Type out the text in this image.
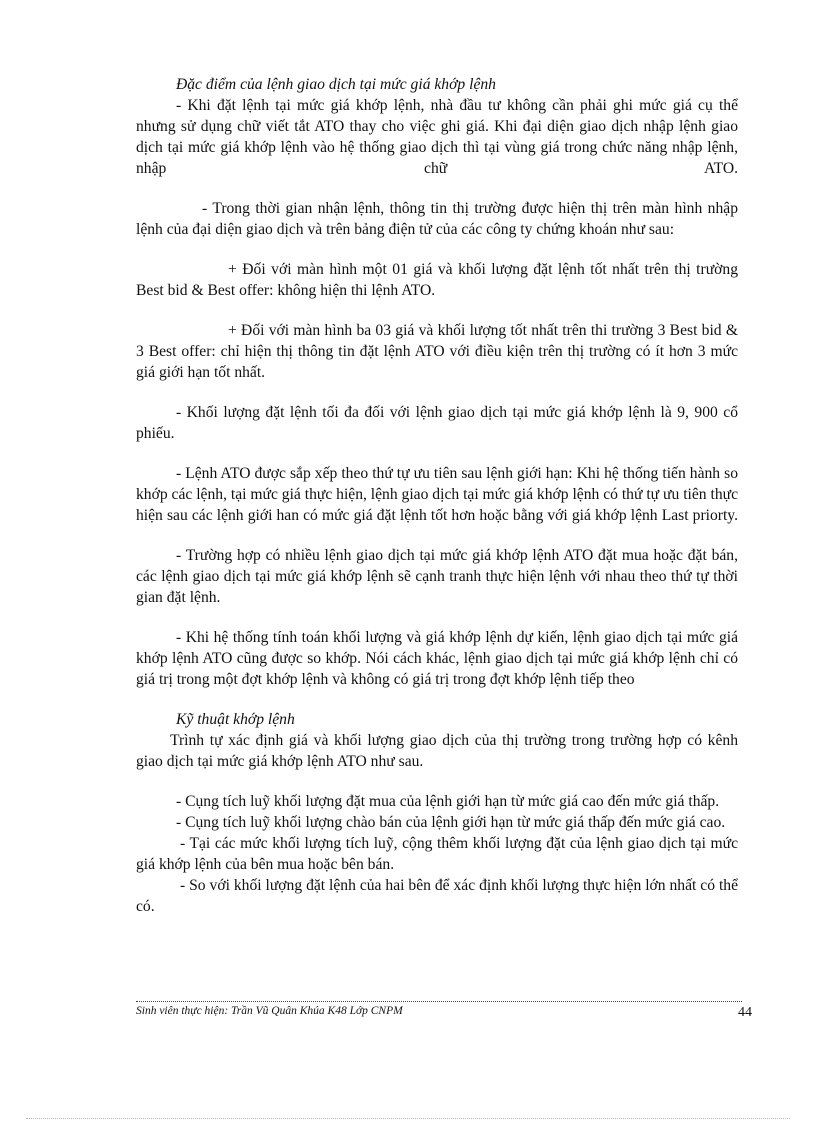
Đặc điểm của lệnh giao dịch tại mức giá khớp lệnh

- Khi đặt lệnh tại mức giá khớp lệnh, nhà đầu tư không cần phải ghi mức giá cụ thể nhưng sử dụng chữ viết tắt ATO thay cho việc ghi giá. Khi đại diện giao dịch nhập lệnh giao dịch tại mức giá khớp lệnh vào hệ thống giao dịch thì tại vùng giá trong chức năng nhập lệnh, nhập chữ ATO.

- Trong thời gian nhận lệnh, thông tin thị trường được hiện thị trên màn hình nhập lệnh của đại diện giao dịch và trên bảng điện tử của các công ty chứng khoán như sau:

+ Đối với màn hình một 01 giá và khối lượng đặt lệnh tốt nhất trên thị trường Best bid & Best offer: không hiện thi lệnh ATO.

+ Đối với màn hình ba 03 giá và khối lượng tốt nhất trên thi trường 3 Best bid & 3 Best offer: chỉ hiện thị thông tin đặt lệnh ATO với điều kiện trên thị trường có ít hơn 3 mức giá giới hạn tốt nhất.

- Khối lượng đặt lệnh tối đa đối với lệnh giao dịch tại mức giá khớp lệnh là 9, 900 cổ phiếu.

- Lệnh ATO được sắp xếp theo thứ tự ưu tiên sau lệnh giới hạn: Khi hệ thống tiến hành so khớp các lệnh, tại mức giá thực hiện, lệnh giao dịch tại mức giá khớp lệnh có thứ tự ưu tiên thực hiện sau các lệnh giới han có mức giá đặt lệnh tốt hơn hoặc bằng với giá khớp lệnh Last priorty.

- Trường hợp có nhiều lệnh giao dịch tại mức giá khớp lệnh ATO đặt mua hoặc đặt bán, các lệnh giao dịch tại mức giá khớp lệnh sẽ cạnh tranh thực hiện lệnh với nhau theo thứ tự thời gian đặt lệnh.

- Khi hệ thống tính toán khối lượng và giá khớp lệnh dự kiến, lệnh giao dịch tại mức giá khớp lệnh ATO cũng được so khớp. Nói cách khác, lệnh giao dịch tại mức giá khớp lệnh chỉ có giá trị trong một đợt khớp lệnh và không có giá trị trong đợt khớp lệnh tiếp theo

Kỹ thuật khớp lệnh

Trình tự xác định giá và khối lượng giao dịch của thị trường trong trường hợp có kênh giao dịch tại mức giá khớp lệnh ATO như sau.

- Cụng tích luỹ khối lượng đặt mua của lệnh giới hạn từ mức giá cao đến mức giá thấp.

- Cụng tích luỹ khối lượng chào bán của lệnh giới hạn từ mức giá thấp đến mức giá cao.

- Tại các mức khối lượng tích luỹ, cộng thêm khối lượng đặt của lệnh giao dịch tại mức giá khớp lệnh của bên mua hoặc bên bán.

- So với khối lượng đặt lệnh của hai bên để xác định khối lượng thực hiện lớn nhất có thể có.

Sinh viên thực hiện: Trần Vũ Quân Khúa K48 Lớp CNPM	44
